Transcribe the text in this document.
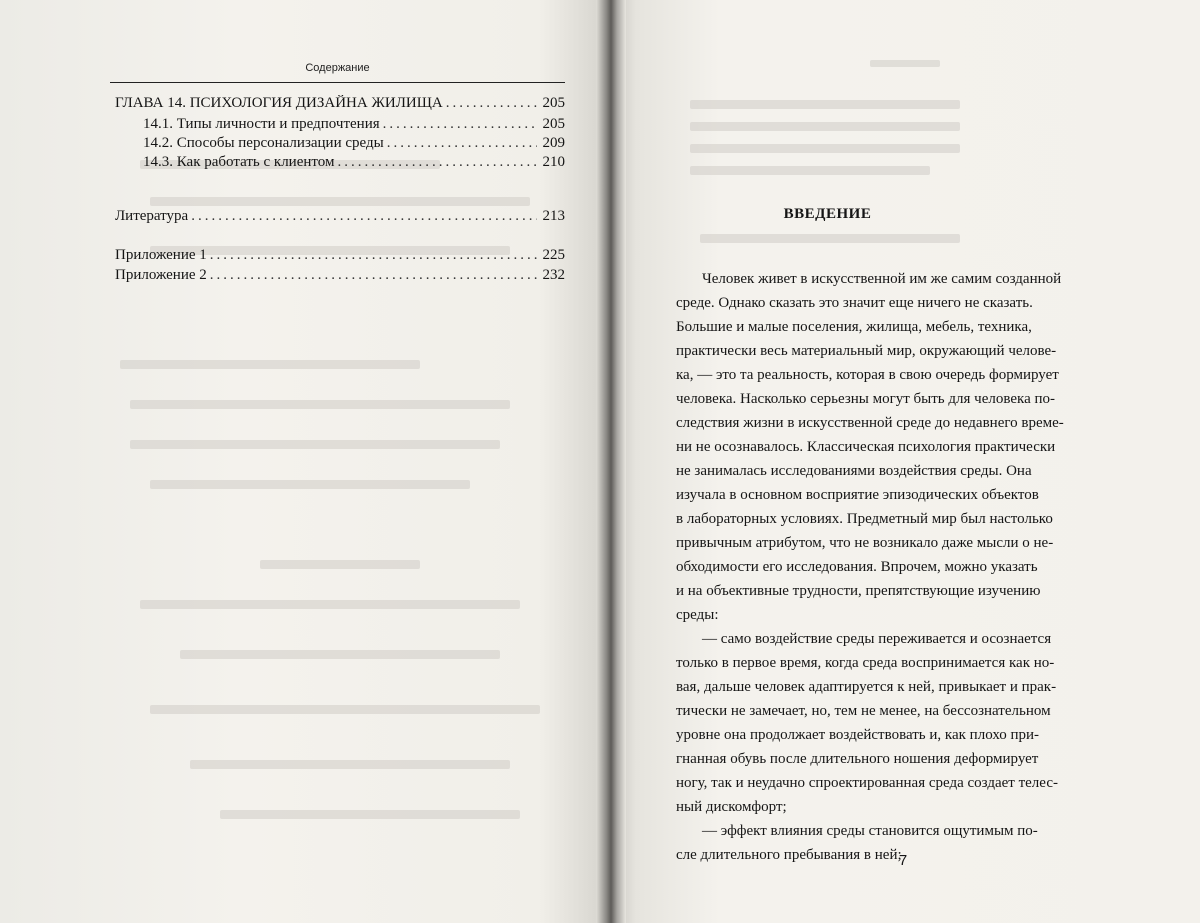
Содержание
ГЛАВА 14. ПСИХОЛОГИЯ ДИЗАЙНА ЖИЛИЩА .....	205
14.1. Типы личности и предпочтения .....	205
14.2. Способы персонализации среды .....	209
14.3. Как работать с клиентом .....	210
Литература .....	213
Приложение 1 .....	225
Приложение 2 .....	232
ВВЕДЕНИЕ
Человек живет в искусственной им же самим созданной
среде. Однако сказать это значит еще ничего не сказать.
Большие и малые поселения, жилища, мебель, техника,
практически весь материальный мир, окружающий челове-
ка, — это та реальность, которая в свою очередь формирует
человека. Насколько серьезны могут быть для человека по-
следствия жизни в искусственной среде до недавнего време-
ни не осознавалось. Классическая психология практически
не занималась исследованиями воздействия среды. Она
изучала в основном восприятие эпизодических объектов
в лабораторных условиях. Предметный мир был настолько
привычным атрибутом, что не возникало даже мысли о не-
обходимости его исследования. Впрочем, можно указать
и на объективные трудности, препятствующие изучению
среды:
— само воздействие среды переживается и осознается
только в первое время, когда среда воспринимается как но-
вая, дальше человек адаптируется к ней, привыкает и прак-
тически не замечает, но, тем не менее, на бессознательном
уровне она продолжает воздействовать и, как плохо при-
гнанная обувь после длительного ношения деформирует
ногу, так и неудачно спроектированная среда создает телес-
ный дискомфорт;
— эффект влияния среды становится ощутимым по-
сле длительного пребывания в ней;
7
